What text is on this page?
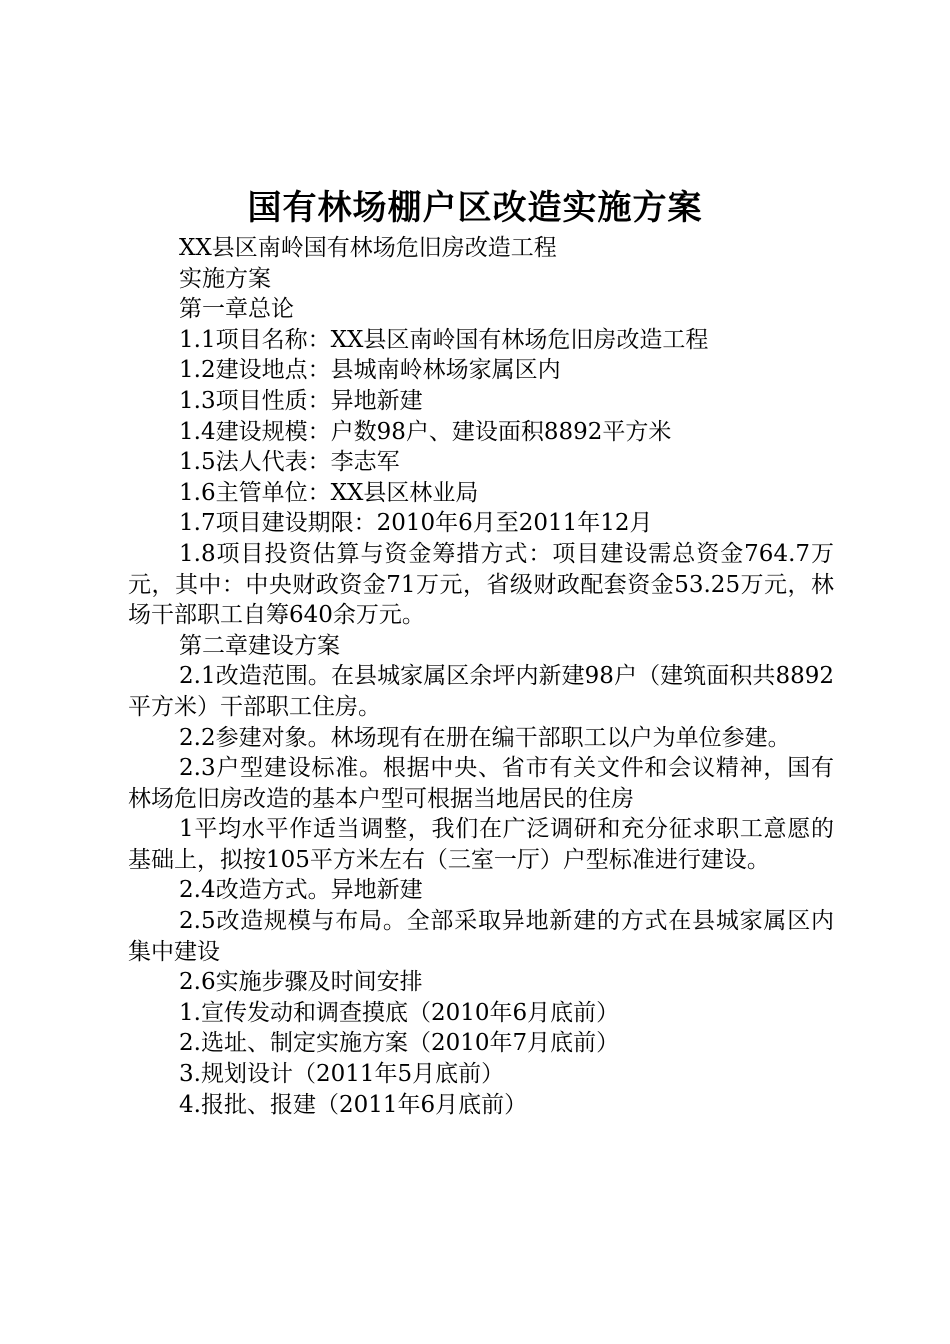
国有林场棚户区改造实施方案

XX县区南岭国有林场危旧房改造工程

实施方案

第一章总论

1.1项目名称：XX县区南岭国有林场危旧房改造工程

1.2建设地点：县城南岭林场家属区内

1.3项目性质：异地新建

1.4建设规模：户数98户、建设面积8892平方米

1.5法人代表：李志军

1.6主管单位：XX县区林业局

1.7项目建设期限：2010年6月至2011年12月

1.8项目投资估算与资金筹措方式：项目建设需总资金764.7万元，其中：中央财政资金71万元，省级财政配套资金53.25万元，林场干部职工自筹640余万元。

第二章建设方案

2.1改造范围。在县城家属区余坪内新建98户（建筑面积共8892平方米）干部职工住房。

2.2参建对象。林场现有在册在编干部职工以户为单位参建。

2.3户型建设标准。根据中央、省市有关文件和会议精神，国有林场危旧房改造的基本户型可根据当地居民的住房

1平均水平作适当调整，我们在广泛调研和充分征求职工意愿的基础上，拟按105平方米左右（三室一厅）户型标准进行建设。

2.4改造方式。异地新建

2.5改造规模与布局。全部采取异地新建的方式在县城家属区内集中建设

2.6实施步骤及时间安排

1.宣传发动和调查摸底（2010年6月底前）

2.选址、制定实施方案（2010年7月底前）

3.规划设计（2011年5月底前）

4.报批、报建（2011年6月底前）
